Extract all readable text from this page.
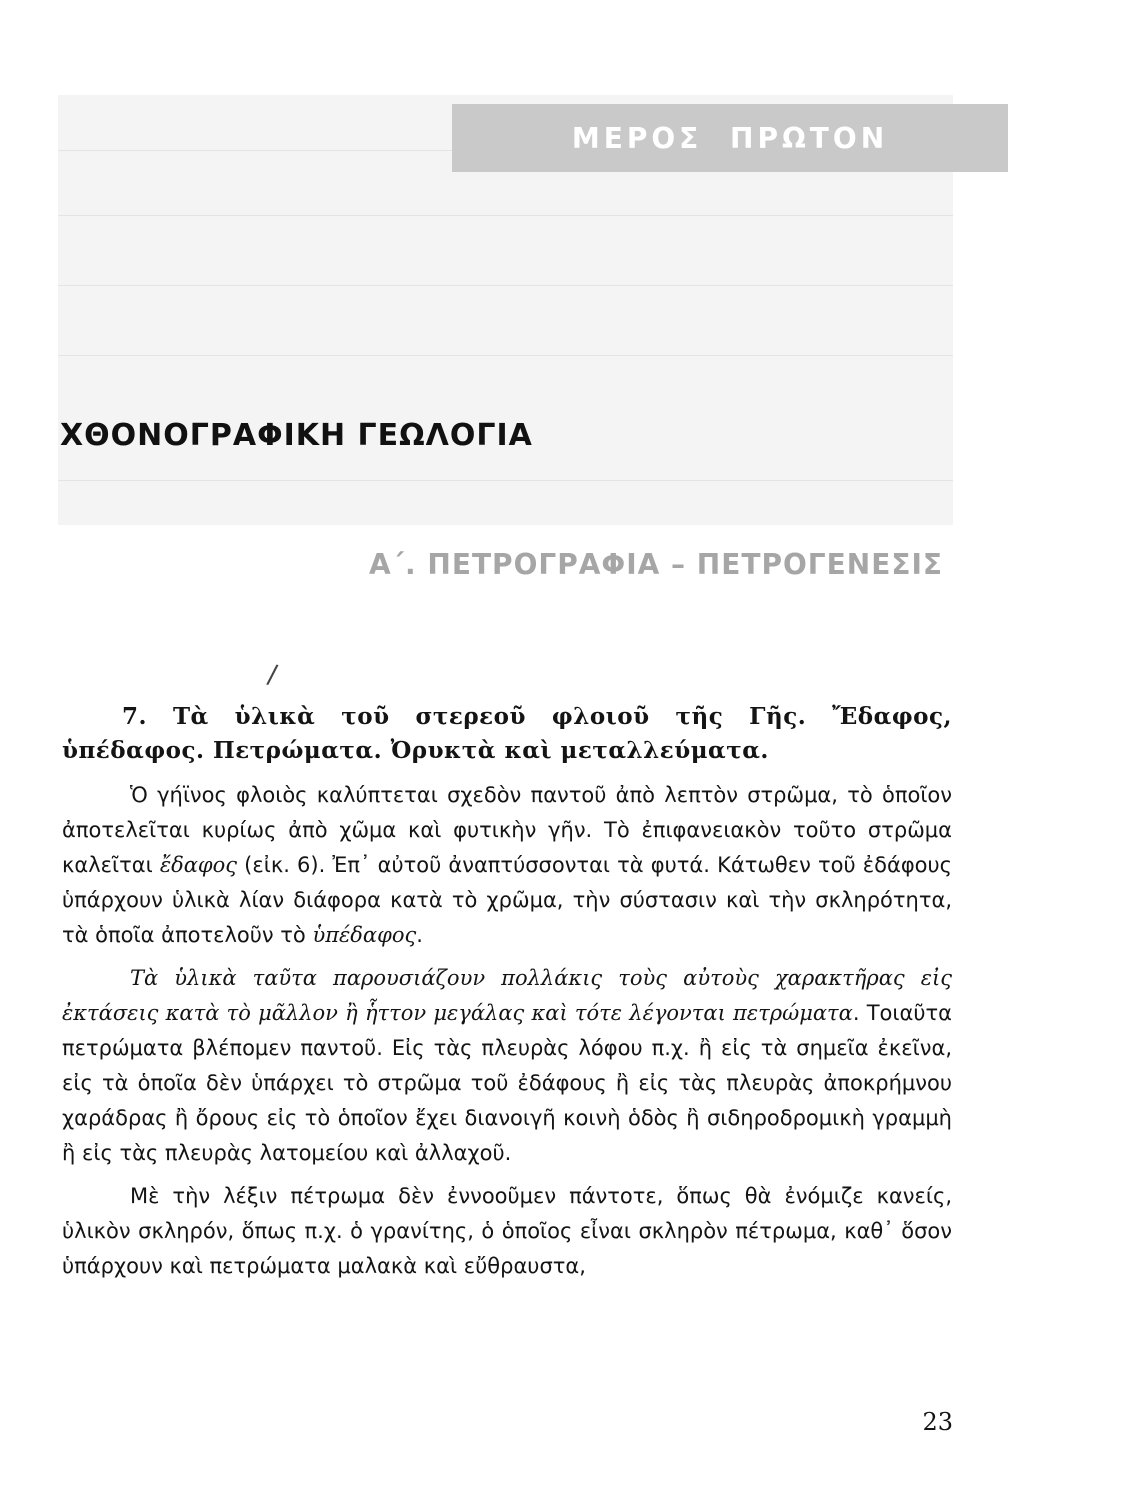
ΜΕΡΟΣ ΠΡΩΤΟΝ
ΧΘΟΝΟΓΡΑΦΙΚΗ ΓΕΩΛΟΓΙΑ
Α΄. ΠΕΤΡΟΓΡΑΦΙΑ – ΠΕΤΡΟΓΕΝΕΣΙΣ
/
7. Τὰ ὑλικὰ τοῦ στερεοῦ φλοιοῦ τῆς Γῆς. Ἔδαφος, ὑπέδαφος. Πετρώματα. Ὀρυκτὰ καὶ μεταλλεύματα.

Ὁ γήϊνος φλοιὸς καλύπτεται σχεδὸν παντοῦ ἀπὸ λεπτὸν στρῶμα, τὸ ὁποῖον ἀποτελεῖται κυρίως ἀπὸ χῶμα καὶ φυτικὴν γῆν. Τὸ ἐπιφανειακὸν τοῦτο στρῶμα καλεῖται ἔδαφος (εἰκ. 6). Ἐπ᾿ αὐτοῦ ἀναπτύσσονται τὰ φυτά. Κάτωθεν τοῦ ἐδάφους ὑπάρχουν ὑλικὰ λίαν διάφορα κατὰ τὸ χρῶμα, τὴν σύστασιν καὶ τὴν σκληρότητα, τὰ ὁποῖα ἀποτελοῦν τὸ ὑπέδαφος.

Τὰ ὑλικὰ ταῦτα παρουσιάζουν πολλάκις τοὺς αὐτοὺς χαρακτῆρας εἰς ἐκτάσεις κατὰ τὸ μᾶλλον ἢ ἧττον μεγάλας καὶ τότε λέγονται πετρώματα. Τοιαῦτα πετρώματα βλέπομεν παντοῦ. Εἰς τὰς πλευρὰς λόφου π.χ. ἢ εἰς τὰ σημεῖα ἐκεῖνα, εἰς τὰ ὁποῖα δὲν ὑπάρχει τὸ στρῶμα τοῦ ἐδάφους ἢ εἰς τὰς πλευρὰς ἀποκρήμνου χαράδρας ἢ ὄρους εἰς τὸ ὁποῖον ἔχει διανοιγῆ κοινὴ ὁδὸς ἢ σιδηροδρομικὴ γραμμὴ ἢ εἰς τὰς πλευρὰς λατομείου καὶ ἀλλαχοῦ.

Μὲ τὴν λέξιν πέτρωμα δὲν ἐννοοῦμεν πάντοτε, ὅπως θὰ ἐνόμιζε κανείς, ὑλικὸν σκληρόν, ὅπως π.χ. ὁ γρανίτης, ὁ ὁποῖος εἶναι σκληρὸν πέτρωμα, καθ᾿ ὅσον ὑπάρχουν καὶ πετρώματα μαλακὰ καὶ εὔθραυστα,

23
